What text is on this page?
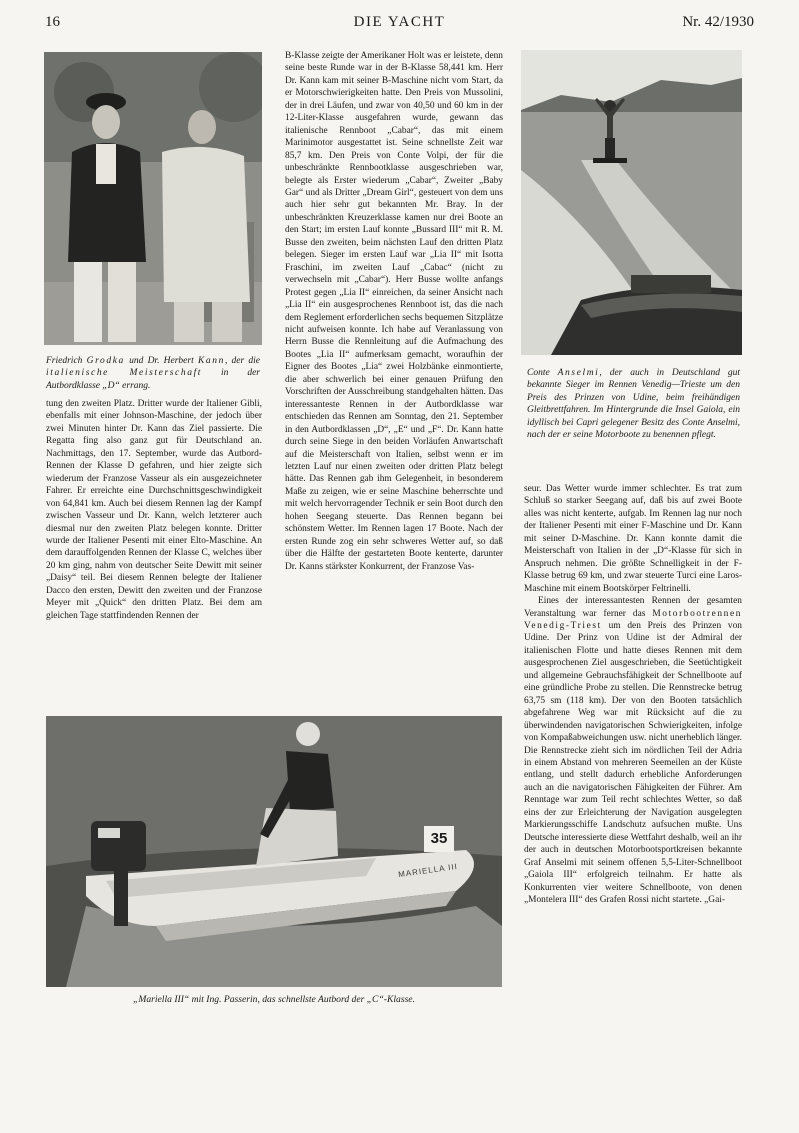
16	DIE YACHT	Nr. 42/1930
Friedrich Grodka und Dr. Herbert Kann, der die italienische Meisterschaft in der Autbordklasse „D“ errang.

tung den zweiten Platz. Dritter wurde der Italiener Gibli, ebenfalls mit einer Johnson-Maschine, der jedoch über zwei Minuten hinter Dr. Kann das Ziel passierte. Die Regatta fing also ganz gut für Deutschland an. Nachmittags, den 17. September, wurde das Autbord-Rennen der Klasse D gefahren, und hier zeigte sich wiederum der Franzose Vasseur als ein ausgezeichneter Fahrer. Er erreichte eine Durchschnittsgeschwindigkeit von 64,841 km. Auch bei diesem Rennen lag der Kampf zwischen Vasseur und Dr. Kann, welch letzterer auch diesmal nur den zweiten Platz belegen konnte. Dritter wurde der Italiener Pesenti mit einer Elto-Maschine. An dem darauffolgenden Rennen der Klasse C, welches über 20 km ging, nahm von deutscher Seite Dewitt mit seiner „Daisy“ teil. Bei diesem Rennen belegte der Italiener Dacco den ersten, Dewitt den zweiten und der Franzose Meyer mit „Quick“ den dritten Platz. Bei dem am gleichen Tage stattfindenden Rennen der

B-Klasse zeigte der Amerikaner Holt was er leistete, denn seine beste Runde war in der B-Klasse 58,441 km. Herr Dr. Kann kam mit seiner B-Maschine nicht vom Start, da er Motorschwierigkeiten hatte. Den Preis von Mussolini, der in drei Läufen, und zwar von 40,50 und 60 km in der 12-Liter-Klasse ausgefahren wurde, gewann das italienische Rennboot „Cabar“, das mit einem Marinimotor ausgestattet ist. Seine schnellste Zeit war 85,7 km. Den Preis von Conte Volpi, der für die unbeschränkte Rennbootklasse ausgeschrieben war, belegte als Erster wiederum „Cabar“, Zweiter „Baby Gar“ und als Dritter „Dream Girl“, gesteuert von dem uns auch hier sehr gut bekannten Mr. Bray. In der unbeschränkten Kreuzerklasse kamen nur drei Boote an den Start; im ersten Lauf konnte „Bussard III“ mit R. M. Busse den zweiten, beim nächsten Lauf den dritten Platz belegen. Sieger im ersten Lauf war „Lia II“ mit Isotta Fraschini, im zweiten Lauf „Cabac“ (nicht zu verwechseln mit „Cabar“). Herr Busse wollte anfangs Protest gegen „Lia II“ einreichen, da seiner Ansicht nach „Lia II“ ein ausgesprochenes Rennboot ist, das die nach dem Reglement erforderlichen sechs bequemen Sitzplätze nicht aufweisen konnte. Ich habe auf Veranlassung von Herrn Busse die Rennleitung auf die Aufmachung des Bootes „Lia II“ aufmerksam gemacht, woraufhin der Eigner des Bootes „Lia“ zwei Holzbänke einmontierte, die aber schwerlich bei einer genauen Prüfung den Vorschriften der Ausschreibung standgehalten hätten. Das interessanteste Rennen in der Autbordklasse war entschieden das Rennen am Sonntag, den 21. September in den Autbordklassen „D“, „E“ und „F“. Dr. Kann hatte durch seine Siege in den beiden Vorläufen Anwartschaft auf die Meisterschaft von Italien, selbst wenn er im letzten Lauf nur einen zweiten oder dritten Platz belegt hätte. Das Rennen gab ihm Gelegenheit, in besonderem Maße zu zeigen, wie er seine Maschine beherrschte und mit welch hervorragender Technik er sein Boot durch den hohen Seegang steuerte. Das Rennen begann bei schönstem Wetter. Im Rennen lagen 17 Boote. Nach der ersten Runde zog ein sehr schweres Wetter auf, so daß über die Hälfte der gestarteten Boote kenterte, darunter Dr. Kanns stärkster Konkurrent, der Franzose Vas-

Conte Anselmi, der auch in Deutschland gut bekannte Sieger im Rennen Venedig—Trieste um den Preis des Prinzen von Udine, beim freihändigen Gleitbrettfahren. Im Hintergrunde die Insel Gaiola, ein idyllisch bei Capri gelegener Besitz des Conte Anselmi, nach der er seine Motorboote zu benennen pflegt.

seur. Das Wetter wurde immer schlechter. Es trat zum Schluß so starker Seegang auf, daß bis auf zwei Boote alles was nicht kenterte, aufgab. Im Rennen lag nur noch der Italiener Pesenti mit einer F-Maschine und Dr. Kann mit seiner D-Maschine. Dr. Kann konnte damit die Meisterschaft von Italien in der „D“-Klasse für sich in Anspruch nehmen. Die größte Schnelligkeit in der F-Klasse betrug 69 km, und zwar steuerte Turci eine Laros-Maschine mit einem Bootskörper Feltrinelli.

Eines der interessantesten Rennen der gesamten Veranstaltung war ferner das Motorbootrennen Venedig-Triest um den Preis des Prinzen von Udine. Der Prinz von Udine ist der Admiral der italienischen Flotte und hatte dieses Rennen mit dem ausgesprochenen Ziel ausgeschrieben, die Seetüchtigkeit und allgemeine Gebrauchsfähigkeit der Schnellboote auf eine gründliche Probe zu stellen. Die Rennstrecke betrug 63,75 sm (118 km). Der von den Booten tatsächlich abgefahrene Weg war mit Rücksicht auf die zu überwindenden navigatorischen Schwierigkeiten, infolge von Kompaßabweichungen usw. nicht unerheblich länger. Die Rennstrecke zieht sich im nördlichen Teil der Adria in einem Abstand von mehreren Seemeilen an der Küste entlang, und stellt dadurch erhebliche Anforderungen auch an die navigatorischen Fähigkeiten der Führer. Am Renntage war zum Teil recht schlechtes Wetter, so daß eins der zur Erleichterung der Navigation ausgelegten Markierungsschiffe Landschutz aufsuchen mußte. Uns Deutsche interessierte diese Wettfahrt deshalb, weil an ihr der auch in deutschen Motorbootsportkreisen bekannte Graf Anselmi mit seinem offenen 5,5-Liter-Schnellboot „Gaiola III“ erfolgreich teilnahm. Er hatte als Konkurrenten vier weitere Schnellboote, von denen „Montelera III“ des Grafen Rossi nicht startete. „Gai-

35
MARIELLA III
„Mariella III“ mit Ing. Passerin, das schnellste Autbord der „C“-Klasse.
